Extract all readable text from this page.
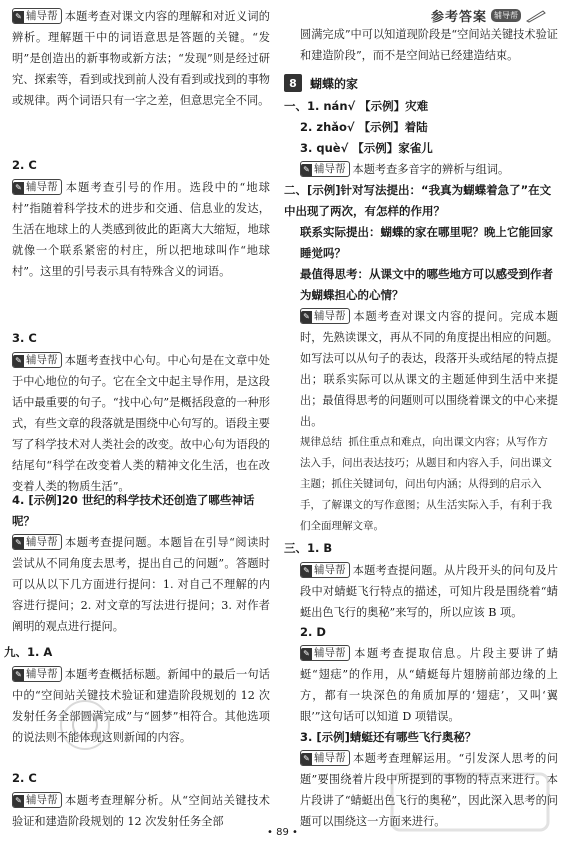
参考答案 辅导帮

✎ 辅导帮 本题考查对课文内容的理解和对近义词的辨析。理解题干中的词语意思是答题的关键。“发明”是创造出的新事物或新方法；“发现”则是经过研究、探索等，看到或找到前人没有看到或找到的事物或规律。两个词语只有一字之差，但意思完全不同。

2. C

✎ 辅导帮 本题考查引号的作用。选段中的“地球村”指随着科学技术的进步和交通、信息业的发达，生活在地球上的人类感到彼此的距离大大缩短，地球就像一个联系紧密的村庄，所以把地球叫作“地球村”。这里的引号表示具有特殊含义的词语。

3. C

✎ 辅导帮 本题考查找中心句。中心句是在文章中处于中心地位的句子。它在全文中起主导作用，是这段话中最重要的句子。“找中心句”是概括段意的一种形式，有些文章的段落就是围绕中心句写的。语段主要写了科学技术对人类社会的改变。故中心句为语段的结尾句“科学在改变着人类的精神文化生活，也在改变着人类的物质生活”。

4. [示例]20 世纪的科学技术还创造了哪些神话呢？

✎ 辅导帮 本题考查提问题。本题旨在引导“阅读时尝试从不同角度去思考，提出自己的问题”。答题时可以从以下几方面进行提问：1. 对自己不理解的内容进行提问；2. 对文章的写法进行提问；3. 对作者阐明的观点进行提问。

九、1. A

✎ 辅导帮 本题考查概括标题。新闻中的最后一句话中的“空间站关键技术验证和建造阶段规划的 12 次发射任务全部圆满完成”与“圆梦”相符合。其他选项的说法则不能体现这则新闻的内容。

2. C

✎ 辅导帮 本题考查理解分析。从“空间站关键技术验证和建造阶段规划的 12 次发射任务全部

圆满完成”中可以知道现阶段是“空间站关键技术验证和建造阶段”，而不是空间站已经建造结束。

8	蝴蝶的家
一、1. nán√ 【示例】灾难
2. zhǎo√ 【示例】着陆
3. què√ 【示例】家雀儿

✎ 辅导帮 本题考查多音字的辨析与组词。

二、[示例]针对写法提出：“我真为蝴蝶着急了”在文中出现了两次，有怎样的作用？
联系实际提出：蝴蝶的家在哪里呢？晚上它能回家睡觉吗？
最值得思考：从课文中的哪些地方可以感受到作者为蝴蝶担心的心情？

✎ 辅导帮 本题考查对课文内容的提问。完成本题时，先熟读课文，再从不同的角度提出相应的问题。如写法可以从句子的表达，段落开头或结尾的特点提出；联系实际可以从课文的主题延伸到生活中来提出；最值得思考的问题则可以围绕着课文的中心来提出。

规律总结 抓住重点和难点，向出课文内容；从写作方法入手，问出表达技巧；从题目和内容入手，问出课文主题；抓住关键词句，问出句内涵；从得到的启示入手，了解课文的写作意图；从生活实际入手，有利于我们全面理解文章。

三、1. B

✎ 辅导帮 本题考查提问题。从片段开头的问句及片段中对蜻蜓飞行特点的描述，可知片段是围绕着“蜻蜓出色飞行的奥秘”来写的，所以应该 B 项。

2. D

✎ 辅导帮 本题考查提取信息。片段主要讲了蜻蜓“翅痣”的作用，从“蜻蜓每片翅膀前部边缘的上方，都有一块深色的角质加厚的‘翅痣’，又叫‘翼眼’”这句话可以知道 D 项错误。

3. [示例]蜻蜓还有哪些飞行奥秘？

✎ 辅导帮 本题考查理解运用。“引发深人思考的问题”要围绕着片段中所提到的事物的特点来进行。本片段讲了“蜻蜓出色飞行的奥秘”，因此深入思考的问题可以围绕这一方面来进行。

• 89 •
